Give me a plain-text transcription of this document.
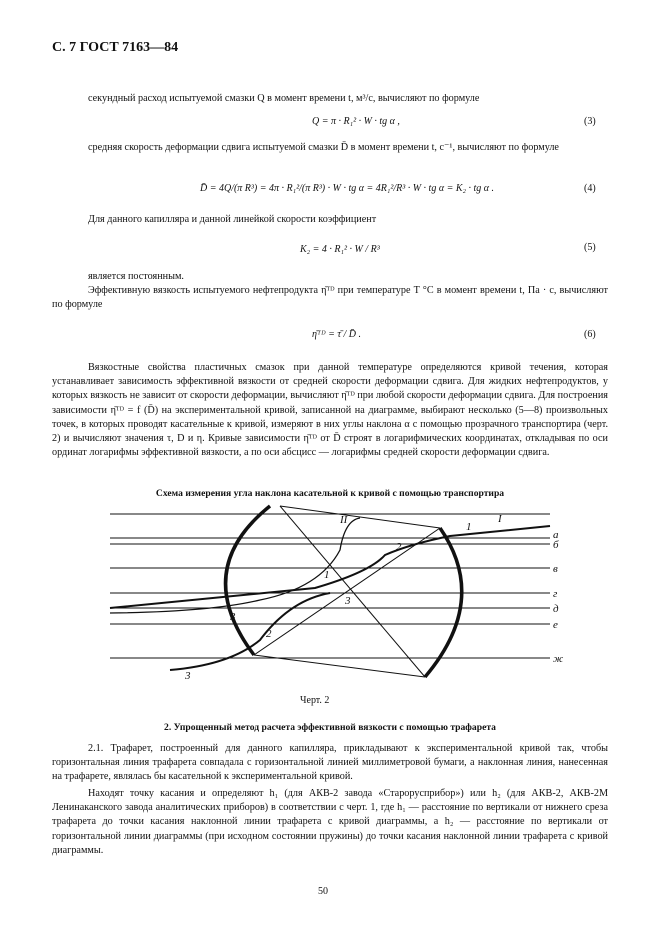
С. 7 ГОСТ 7163—84
секундный расход испытуемой смазки Q в момент времени t, м³/с, вычисляют по формуле
Q = π · R₁² · W · tg α ,	(3)
средняя скорость деформации сдвига испытуемой смазки D̄ в момент времени t, с⁻¹, вычисляют по формуле
D̄ = 4Q/(π R³) = 4π · R₁²/(π R³) · W · tg α = 4R₁²/R³ · W · tg α = K₂ · tg α .	(4)
Для данного капилляра и данной линейкой скорости коэффициент
K₂ = 4 · R₁² · W / R³	(5)
является постоянным.
Эффективную вязкость испытуемого нефтепродукта η̄ᵀᴰ при температуре T °C в момент времени t, Па · с, вычисляют по формуле
η̄ᵀᴰ = τ̄ / D̄ .	(6)
Вязкостные свойства пластичных смазок при данной температуре определяются кривой течения, которая устанавливает зависимость эффективной вязкости от средней скорости деформации сдвига. Для жидких нефтепродуктов, у которых вязкость не зависит от скорости деформации, вычисляют η̄ᵀᴰ при любой скорости деформации сдвига. Для построения зависимости η̄ᵀᴰ = f (D̄) на экспериментальной кривой, записанной на диаграмме, выбирают несколько (5—8) произвольных точек, в которых проводят касательные к кривой, измеряют в них углы наклона α с помощью прозрачного транспортира (черт. 2) и вычисляют значения τ, D и η. Кривые зависимости η̄ᵀᴰ от D̄ строят в логарифмических координатах, откладывая по оси ординат логарифмы эффективной вязкости, а по оси абсцисс — логарифмы средней скорости деформации сдвига.
Схема измерения угла наклона касательной к кривой с помощью транспортира
I
II
1
1
2
2
3
3
3
а
б
в
г
д
е
ж
Черт. 2
2. Упрощенный метод расчета эффективной вязкости с помощью трафарета
2.1. Трафарет, построенный для данного капилляра, прикладывают к экспериментальной кривой так, чтобы горизонтальная линия трафарета совпадала с горизонтальной линией миллиметровой бумаги, а наклонная линия, нанесенная на трафарете, являлась бы касательной к экспериментальной кривой.
Находят точку касания и определяют h₁ (для АКВ-2 завода «Старорусприбор») или h₂ (для АКВ-2, АКВ-2М Ленинаканского завода аналитических приборов) в соответствии с черт. 1, где h₁ — расстояние по вертикали от нижнего среза трафарета до точки касания наклонной линии трафарета с кривой диаграммы, а h₂ — расстояние по вертикали от горизонтальной линии диаграммы (при исходном состоянии пружины) до точки касания наклонной линии трафарета с кривой диаграммы.
50
